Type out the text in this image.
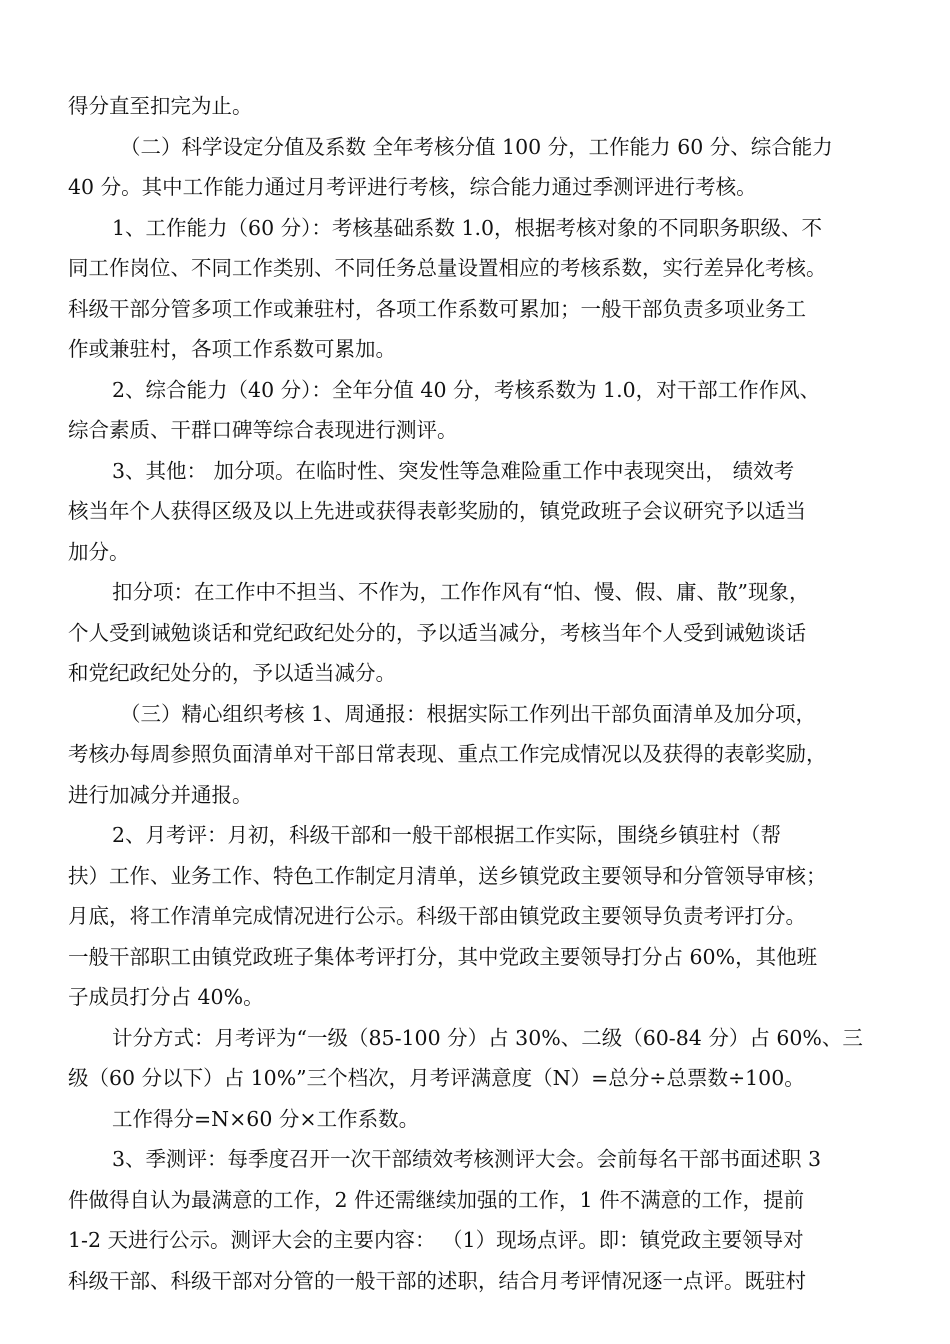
得分直至扣完为止。
（二）科学设定分值及系数 全年考核分值 100 分，工作能力 60 分、综合能力
40 分。其中工作能力通过月考评进行考核，综合能力通过季测评进行考核。
1、工作能力（60 分）：考核基础系数 1.0，根据考核对象的不同职务职级、不
同工作岗位、不同工作类别、不同任务总量设置相应的考核系数，实行差异化考核。
科级干部分管多项工作或兼驻村，各项工作系数可累加；一般干部负责多项业务工
作或兼驻村，各项工作系数可累加。
2、综合能力（40 分）：全年分值 40 分，考核系数为 1.0，对干部工作作风、
综合素质、干群口碑等综合表现进行测评。
3、其他： 加分项。在临时性、突发性等急难险重工作中表现突出， 绩效考
核当年个人获得区级及以上先进或获得表彰奖励的，镇党政班子会议研究予以适当
加分。
扣分项：在工作中不担当、不作为，工作作风有“怕、慢、假、庸、散”现象，
个人受到诫勉谈话和党纪政纪处分的，予以适当减分，考核当年个人受到诫勉谈话
和党纪政纪处分的，予以适当减分。
（三）精心组织考核 1、周通报：根据实际工作列出干部负面清单及加分项，
考核办每周参照负面清单对干部日常表现、重点工作完成情况以及获得的表彰奖励，
进行加减分并通报。
2、月考评：月初，科级干部和一般干部根据工作实际，围绕乡镇驻村（帮
扶）工作、业务工作、特色工作制定月清单，送乡镇党政主要领导和分管领导审核；
月底，将工作清单完成情况进行公示。科级干部由镇党政主要领导负责考评打分。
一般干部职工由镇党政班子集体考评打分，其中党政主要领导打分占 60%，其他班
子成员打分占 40%。
计分方式：月考评为“一级（85-100 分）占 30%、二级（60-84 分）占 60%、三
级（60 分以下）占 10%”三个档次，月考评满意度（N）=总分÷总票数÷100。
工作得分=N×60 分×工作系数。
3、季测评：每季度召开一次干部绩效考核测评大会。会前每名干部书面述职 3
件做得自认为最满意的工作，2 件还需继续加强的工作，1 件不满意的工作，提前
1-2 天进行公示。测评大会的主要内容： （1）现场点评。即：镇党政主要领导对
科级干部、科级干部对分管的一般干部的述职，结合月考评情况逐一点评。既驻村
